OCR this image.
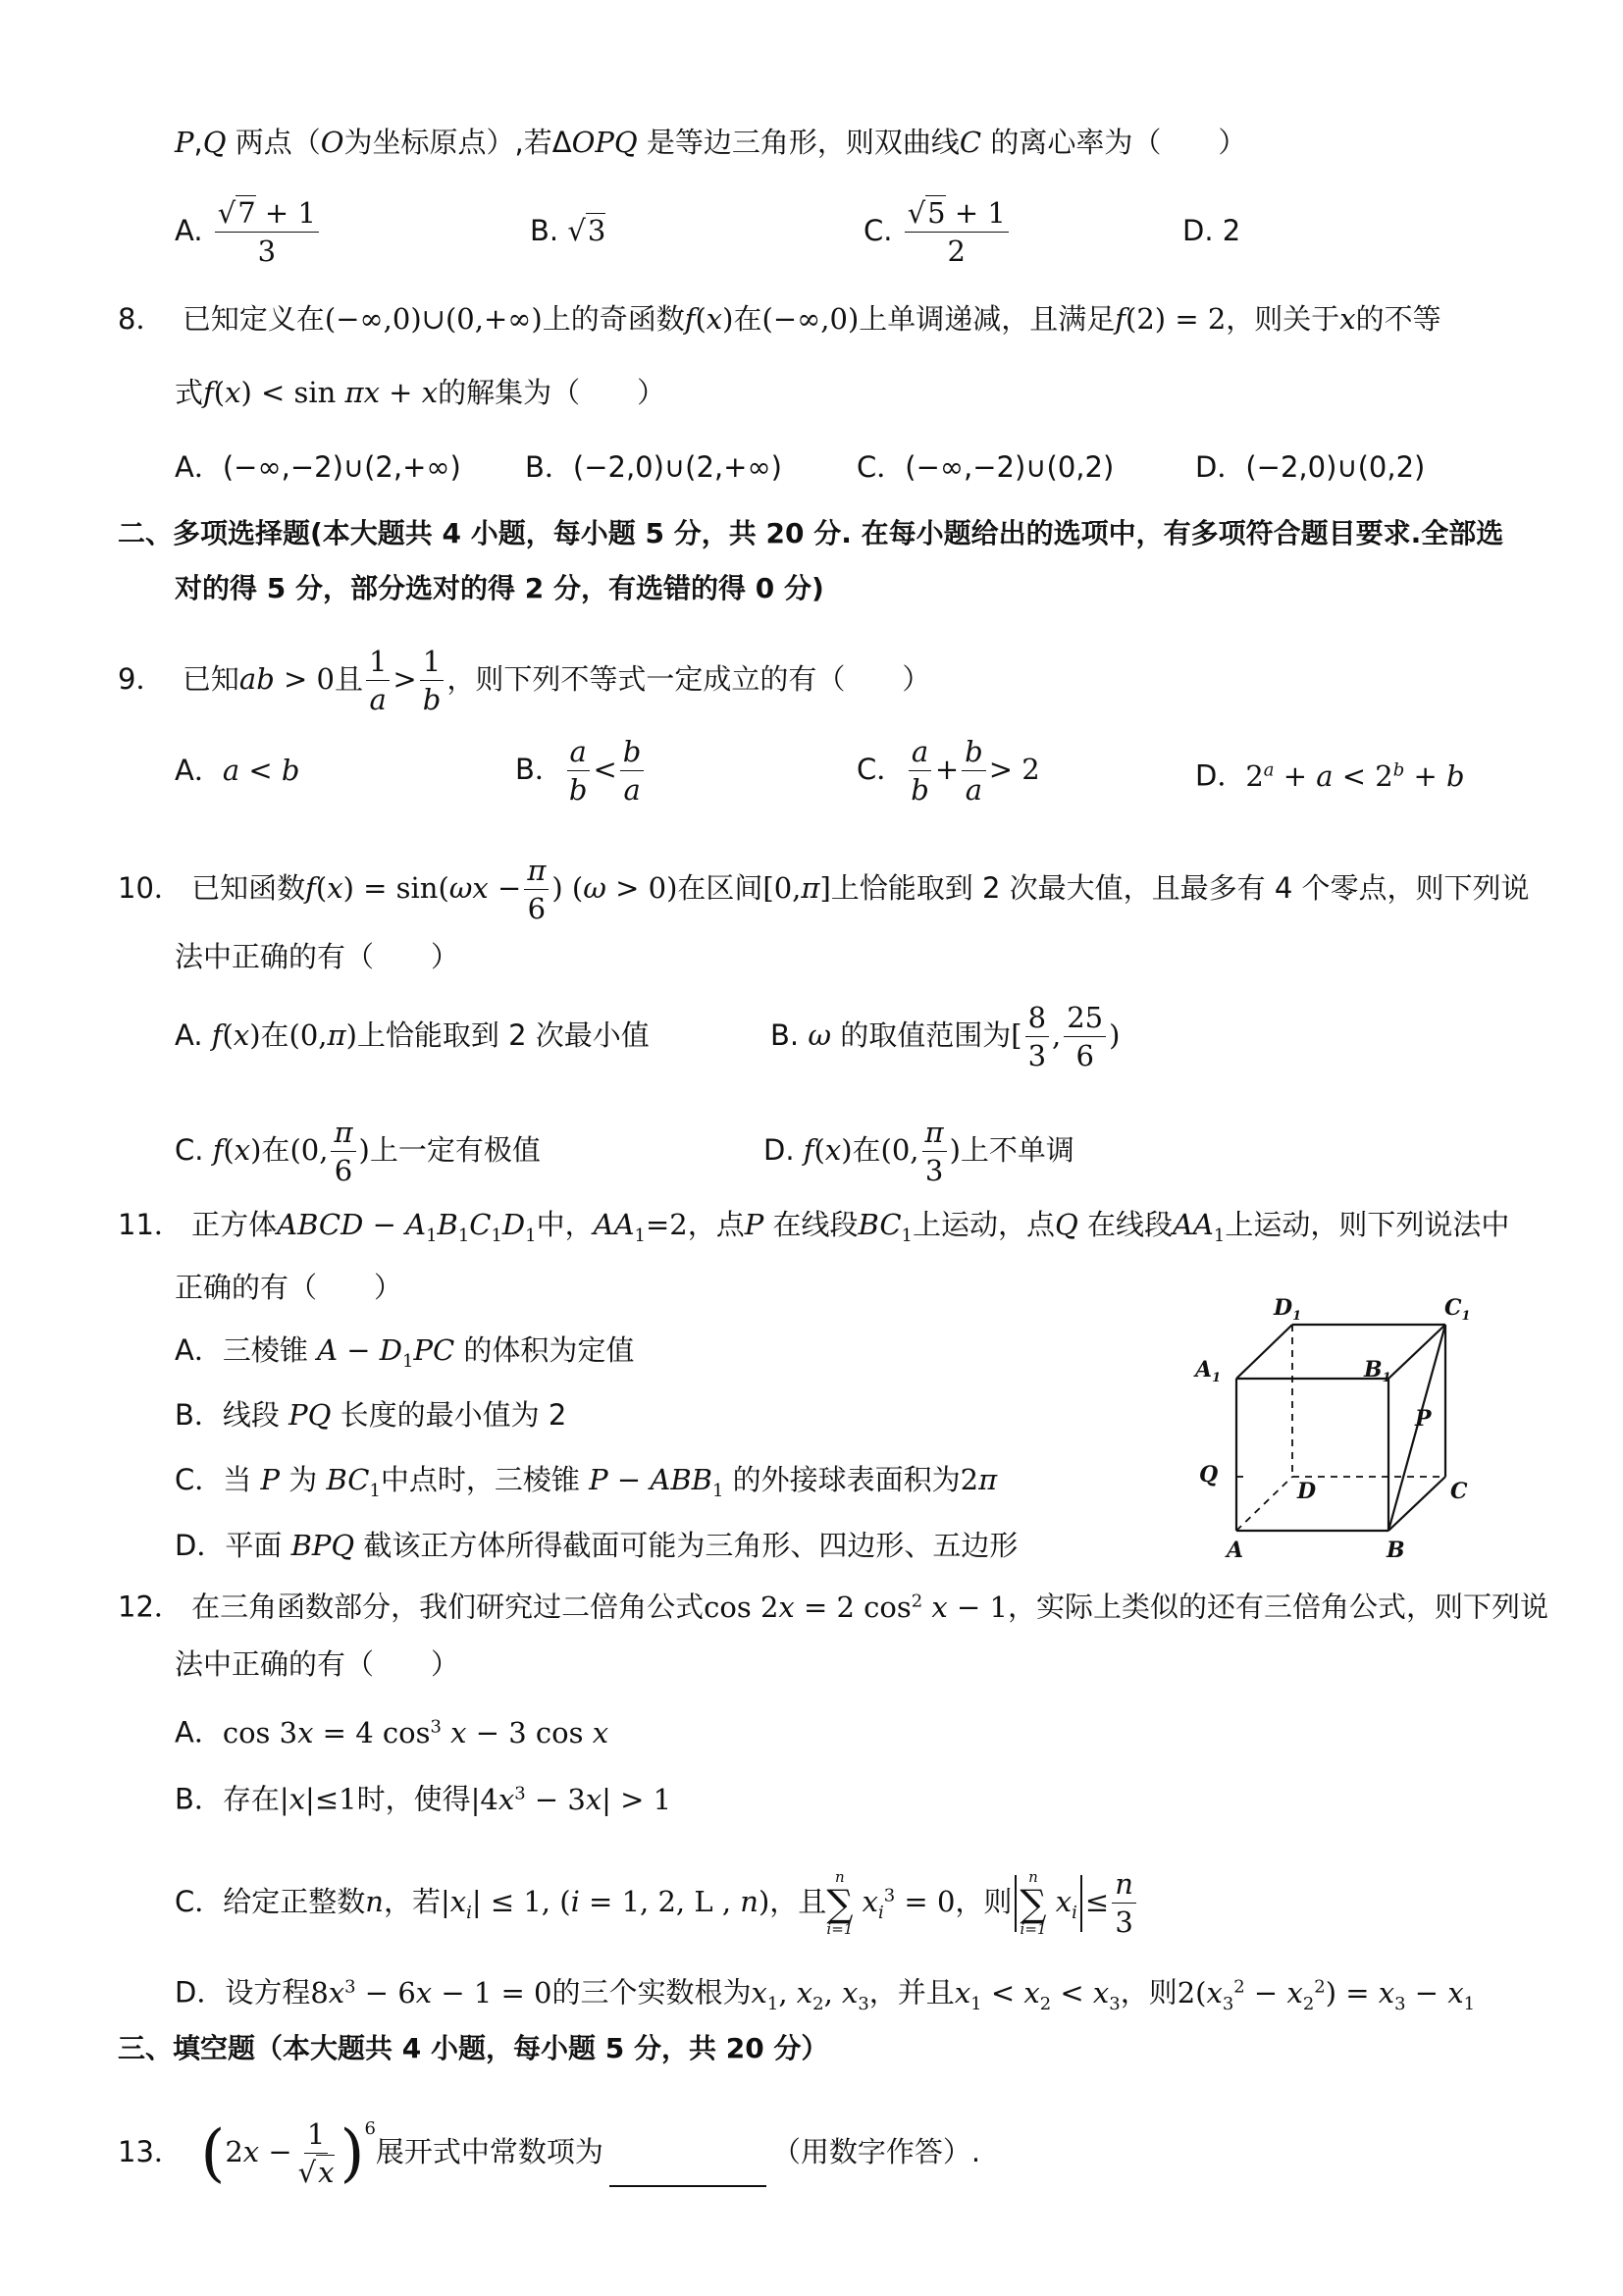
P,Q 两点（O为坐标原点）,若ΔOPQ 是等边三角形，则双曲线C 的离心率为（　　）
A. $\frac{√7 + 1}{3}$	B. √3	C. $\frac{√5 + 1}{2}$	D. 2
8． 已知定义在(−∞,0)∪(0,+∞)上的奇函数f(x)在(−∞,0)上单调递减，且满足f(2) = 2，则关于x的不等
式f(x) < sin πx + x的解集为（　　）
A．(−∞,−2)∪(2,+∞) B．(−2,0)∪(2,+∞)	C．(−∞,−2)∪(0,2)	D．(−2,0)∪(0,2)
二、多项选择题(本大题共 4 小题，每小题 5 分，共 20 分. 在每小题给出的选项中，有多项符合题目要求.全部选
对的得 5 分，部分选对的得 2 分，有选错的得 0 分)
9． 已知ab > 0且 $\frac{1}{a} > \frac{1}{b}$ ，则下列不等式一定成立的有（　　）
A．a < b	B． $\frac{a}{b} < \frac{b}{a}$	C． $\frac{a}{b} + \frac{b}{a} > 2$	D．$2^a + a < 2^b + b$
10． 已知函数$f(x) = \sin(\omega x - \frac{\pi}{6}$ ) (ω > 0)在区间[0,π]上恰能取到 2 次最大值，且最多有 4 个零点，则下列说
法中正确的有（　　）
A. f(x)在(0,π)上恰能取到 2 次最小值	B. ω 的取值范围为[ $\frac{8}{3}$ , $\frac{25}{6}$ )
C. f(x)在(0, $\frac{\pi}{6}$ )上一定有极值	D. f(x)在(0, $\frac{\pi}{3}$ )上不单调
11． 正方体ABCD − $A_1B_1C_1D_1$中，$AA_1=2$，点P 在线段$BC_1$上运动，点Q 在线段$AA_1$上运动，则下列说法中
正确的有（　　）
A．三棱锥 $A - D_1PC$ 的体积为定值
B．线段 PQ 长度的最小值为 2
C．当 P 为 $BC_1$中点时，三棱锥 $P - ABB_1$ 的外接球表面积为2π
D．平面 BPQ 截该正方体所得截面可能为三角形、四边形、五边形
$D_1$	$C_1$
$A_1$	$B_1$
P
Q
D	C
A	B
12． 在三角函数部分，我们研究过二倍角公式cos 2x = 2 $\cos^2 x - 1$，实际上类似的还有三倍角公式，则下列说
法中正确的有（　　）
A．cos 3x = 4 $\cos^3 x - 3$ cos x
B．存在|x|≤1时，使得$|4x^3 - 3x| > 1$
C．给定正整数n，若$|x_i| \le 1$, (i = 1, 2, L , n)，且
n
∑
i=1
$x_i^3 = 0$，则
n
∑
i=1
$x_i \le \frac{n}{3}$
D．设方程$8x^3 - 6x - 1 = 0$的三个实数根为$x_1$, $x_2$, $x_3$，并且$x_1 < x_2 < x_3$，则$2(x_3^2 - x_2^2) = x_3 - x_1$
三、填空题（本大题共 4 小题，每小题 5 分，共 20 分）
13． $(2x - \frac{1}{√x} )^6$展开式中常数项为	（用数字作答）.
